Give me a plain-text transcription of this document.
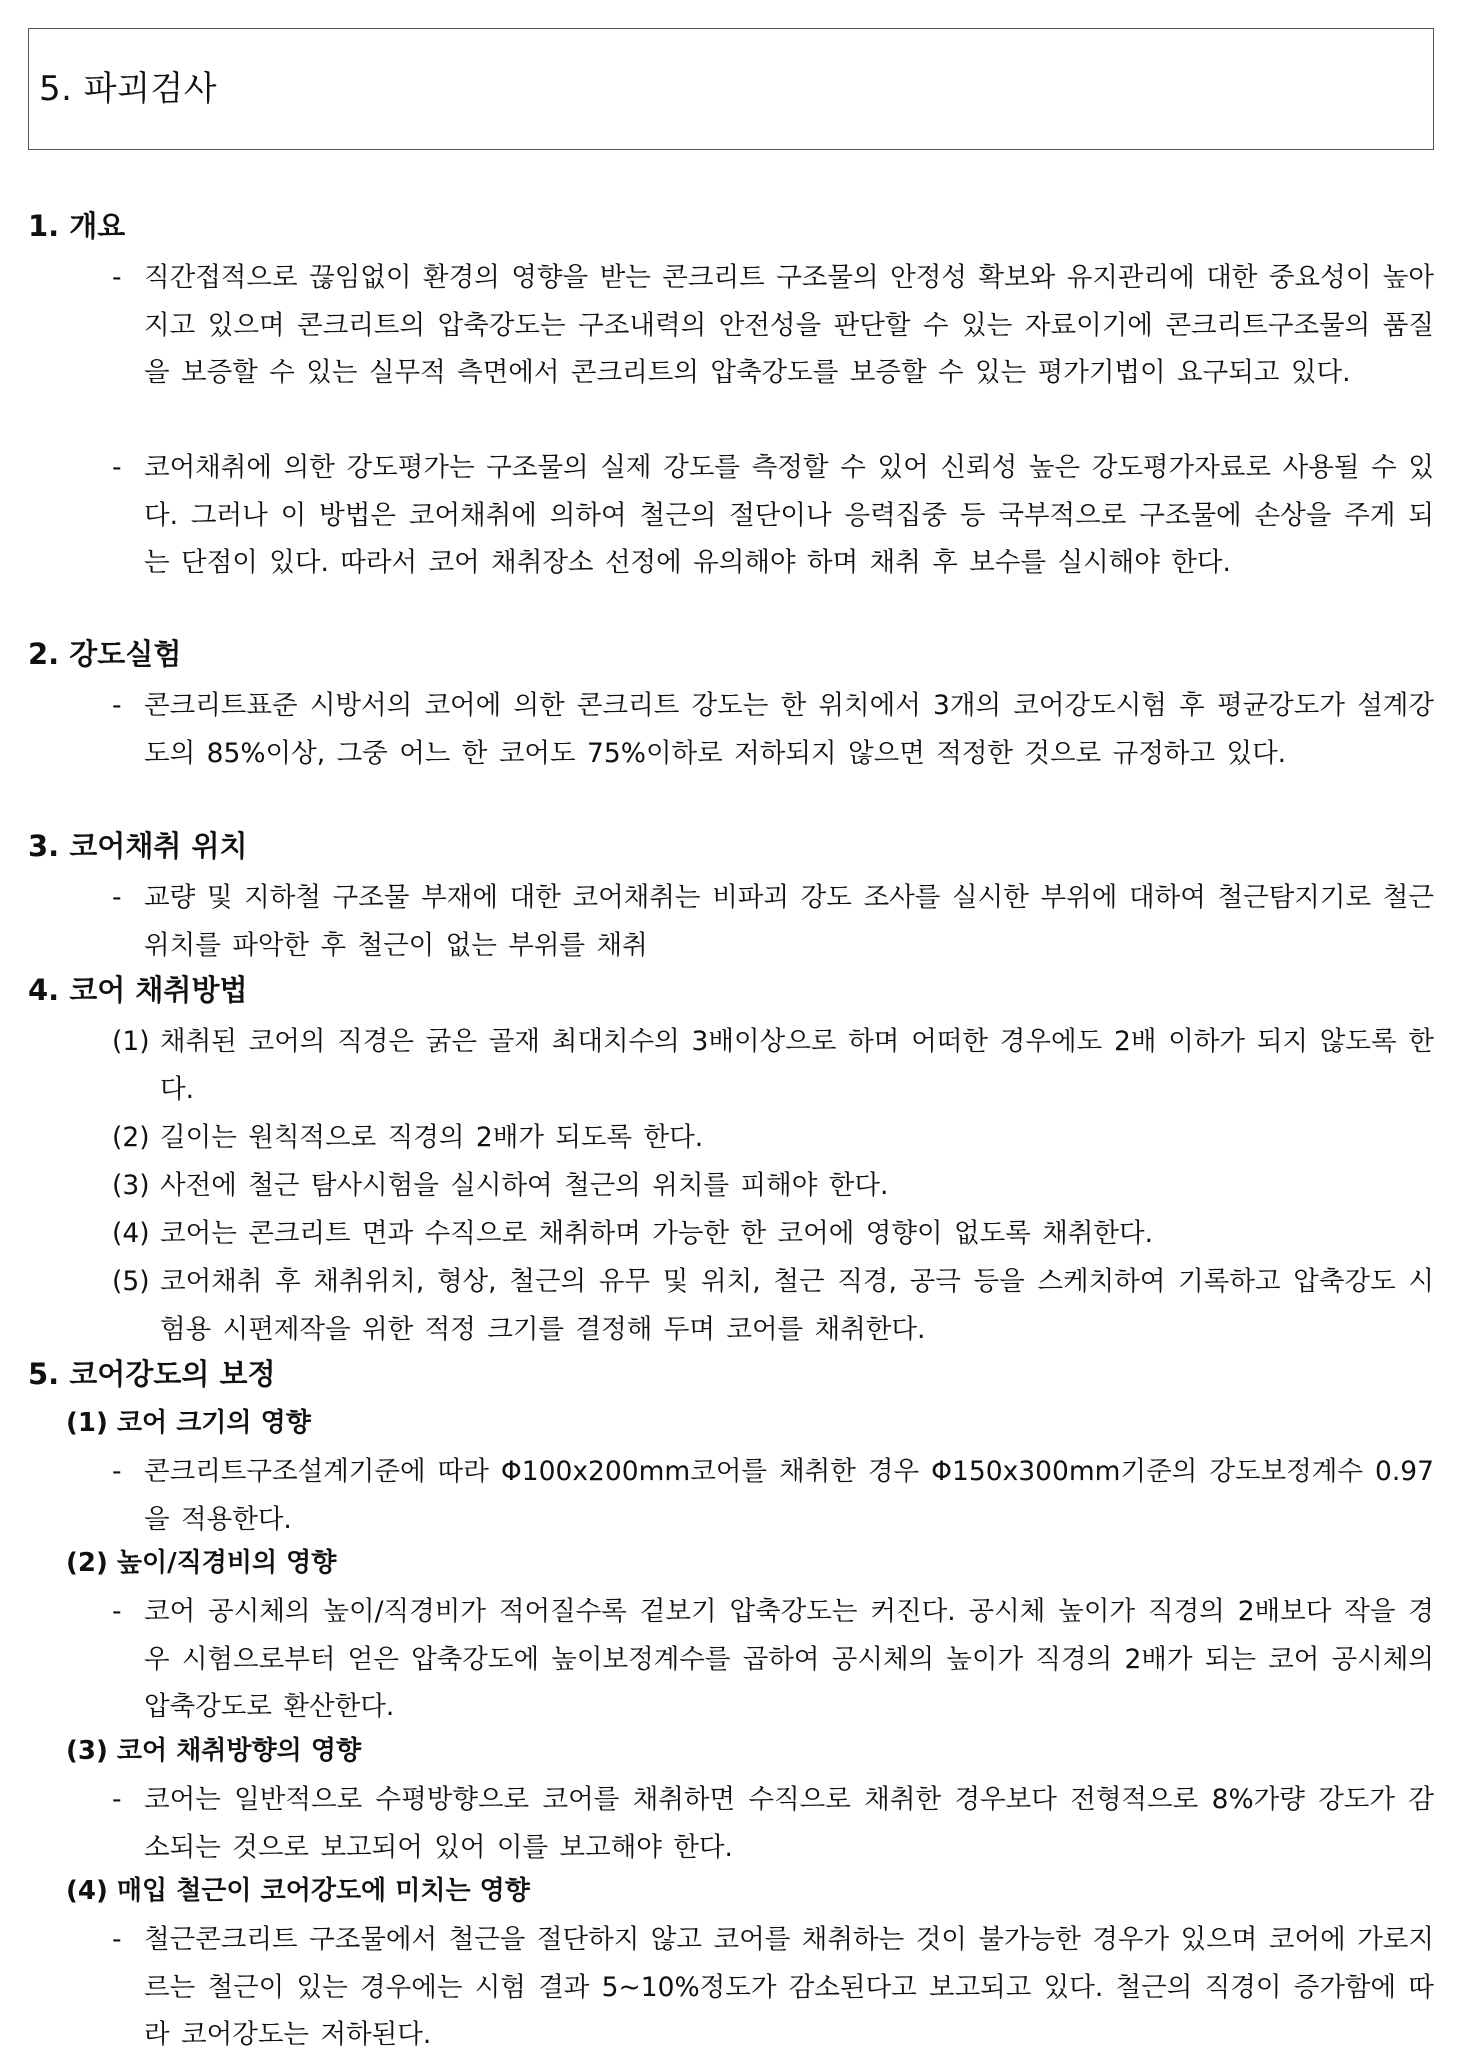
5. 파괴검사
1. 개요
- 직간접적으로 끊임없이 환경의 영향을 받는 콘크리트 구조물의 안정성 확보와 유지관리에 대한 중요성이 높아지고 있으며 콘크리트의 압축강도는 구조내력의 안전성을 판단할 수 있는 자료이기에 콘크리트구조물의 품질을 보증할 수 있는 실무적 측면에서 콘크리트의 압축강도를 보증할 수 있는 평가기법이 요구되고 있다.
- 코어채취에 의한 강도평가는 구조물의 실제 강도를 측정할 수 있어 신뢰성 높은 강도평가자료로 사용될 수 있다. 그러나 이 방법은 코어채취에 의하여 철근의 절단이나 응력집중 등 국부적으로 구조물에 손상을 주게 되는 단점이 있다. 따라서 코어 채취장소 선정에 유의해야 하며 채취 후 보수를 실시해야 한다.
2. 강도실험
- 콘크리트표준 시방서의 코어에 의한 콘크리트 강도는 한 위치에서 3개의 코어강도시험 후 평균강도가 설계강도의 85%이상, 그중 어느 한 코어도 75%이하로 저하되지 않으면 적정한 것으로 규정하고 있다.
3. 코어채취 위치
- 교량 및 지하철 구조물 부재에 대한 코어채취는 비파괴 강도 조사를 실시한 부위에 대하여 철근탐지기로 철근위치를 파악한 후 철근이 없는 부위를 채취
4. 코어 채취방법
(1) 채취된 코어의 직경은 굵은 골재 최대치수의 3배이상으로 하며 어떠한 경우에도 2배 이하가 되지 않도록 한다.
(2) 길이는 원칙적으로 직경의 2배가 되도록 한다.
(3) 사전에 철근 탐사시험을 실시하여 철근의 위치를 피해야 한다.
(4) 코어는 콘크리트 면과 수직으로 채취하며 가능한 한 코어에 영향이 없도록 채취한다.
(5) 코어채취 후 채취위치, 형상, 철근의 유무 및 위치, 철근 직경, 공극 등을 스케치하여 기록하고 압축강도 시험용 시편제작을 위한 적정 크기를 결정해 두며 코어를 채취한다.
5. 코어강도의 보정
(1) 코어 크기의 영향
- 콘크리트구조설계기준에 따라 Φ100x200mm코어를 채취한 경우 Φ150x300mm기준의 강도보정계수 0.97을 적용한다.
(2) 높이/직경비의 영향
- 코어 공시체의 높이/직경비가 적어질수록 겉보기 압축강도는 커진다. 공시체 높이가 직경의 2배보다 작을 경우 시험으로부터 얻은 압축강도에 높이보정계수를 곱하여 공시체의 높이가 직경의 2배가 되는 코어 공시체의 압축강도로 환산한다.
(3) 코어 채취방향의 영향
- 코어는 일반적으로 수평방향으로 코어를 채취하면 수직으로 채취한 경우보다 전형적으로 8%가량 강도가 감소되는 것으로 보고되어 있어 이를 보고해야 한다.
(4) 매입 철근이 코어강도에 미치는 영향
- 철근콘크리트 구조물에서 철근을 절단하지 않고 코어를 채취하는 것이 불가능한 경우가 있으며 코어에 가로지르는 철근이 있는 경우에는 시험 결과 5~10%정도가 감소된다고 보고되고 있다. 철근의 직경이 증가함에 따라 코어강도는 저하된다.
